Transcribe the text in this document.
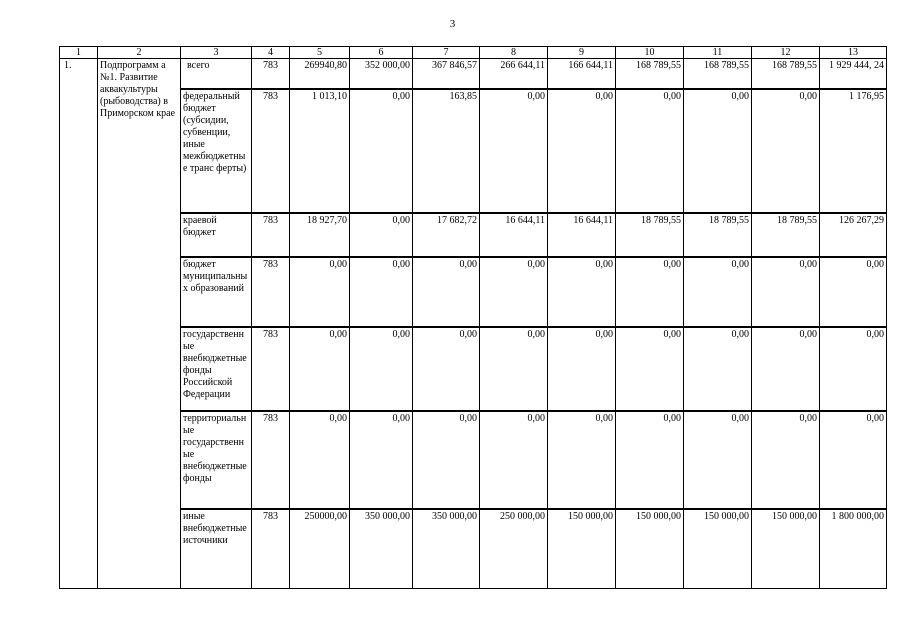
3
1	2	3	4	5	6	7	8	9	10	11	12	13
1.	Подпрограмм а №1. Развитие аквакультуры (рыбоводства) в Приморском крае	всего	783	269940,80	352 000,00	367 846,57	266 644,11	166 644,11	168 789,55	168 789,55	168 789,55	1 929 444, 24
		федеральный бюджет (субсидии, субвенции, иные межбюджетные транс ферты)	783	1 013,10	0,00	163,85	0,00	0,00	0,00	0,00	0,00	1 176,95
		краевой бюджет	783	18 927,70	0,00	17 682,72	16 644,11	16 644,11	18 789,55	18 789,55	18 789,55	126 267,29
		бюджет муниципальных образований	783	0,00	0,00	0,00	0,00	0,00	0,00	0,00	0,00	0,00
		государственные внебюджетные фонды Российской Федерации	783	0,00	0,00	0,00	0,00	0,00	0,00	0,00	0,00	0,00
		территориальные государственные внебюджетные фонды	783	0,00	0,00	0,00	0,00	0,00	0,00	0,00	0,00	0,00
		иные внебюджетные источники	783	250000,00	350 000,00	350 000,00	250 000,00	150 000,00	150 000,00	150 000,00	150 000,00	1 800 000,00
